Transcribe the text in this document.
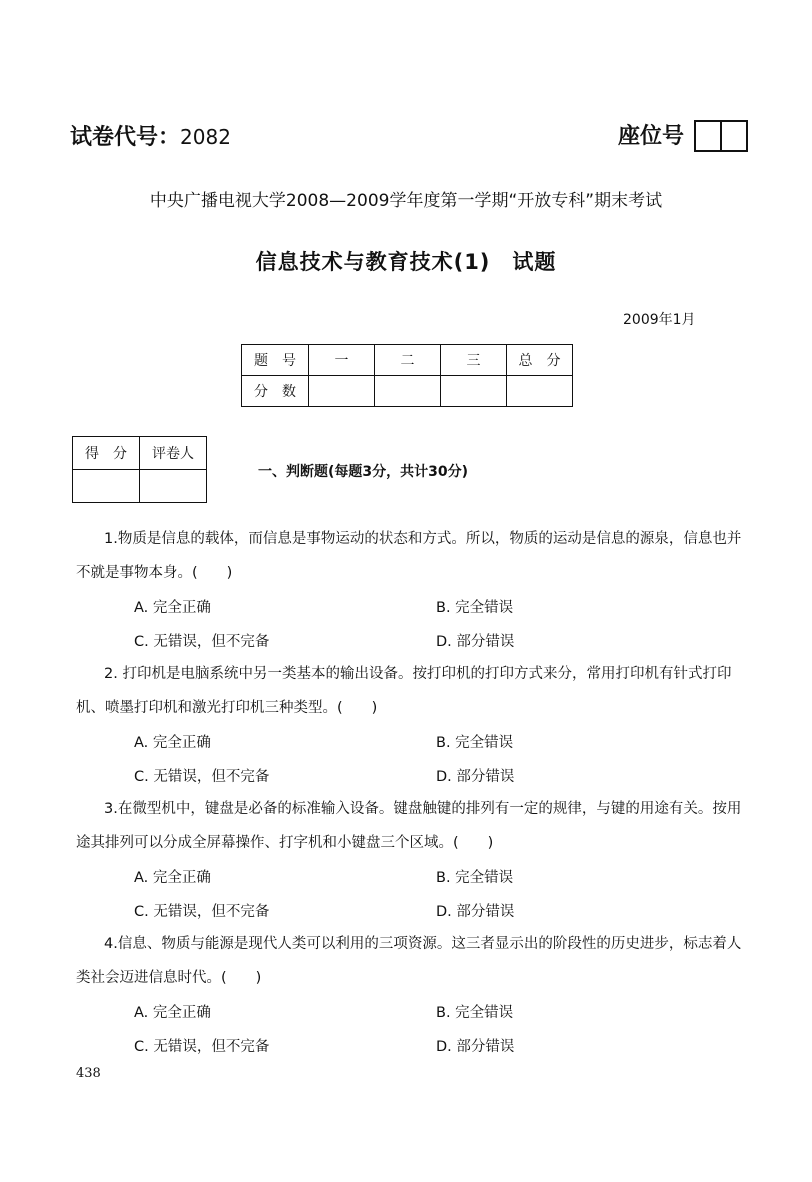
试卷代号：2082	座位号
中央广播电视大学2008—2009学年度第一学期“开放专科”期末考试
信息技术与教育技术(1)　试题
2009年1月
题　号	一	二	三	总　分
分　数				
得　分	评卷人

一、判断题(每题3分，共计30分)
1.物质是信息的载体，而信息是事物运动的状态和方式。所以，物质的运动是信息的源泉，信息也并不就是事物本身。(　　)
A. 完全正确	B. 完全错误
C. 无错误，但不完备	D. 部分错误
2. 打印机是电脑系统中另一类基本的输出设备。按打印机的打印方式来分，常用打印机有针式打印机、喷墨打印机和激光打印机三种类型。(　　)
A. 完全正确	B. 完全错误
C. 无错误，但不完备	D. 部分错误
3.在微型机中，键盘是必备的标准输入设备。键盘触键的排列有一定的规律，与键的用途有关。按用途其排列可以分成全屏幕操作、打字机和小键盘三个区域。(　　)
A. 完全正确	B. 完全错误
C. 无错误，但不完备	D. 部分错误
4.信息、物质与能源是现代人类可以利用的三项资源。这三者显示出的阶段性的历史进步，标志着人类社会迈进信息时代。(　　)
A. 完全正确	B. 完全错误
C. 无错误，但不完备	D. 部分错误
438
